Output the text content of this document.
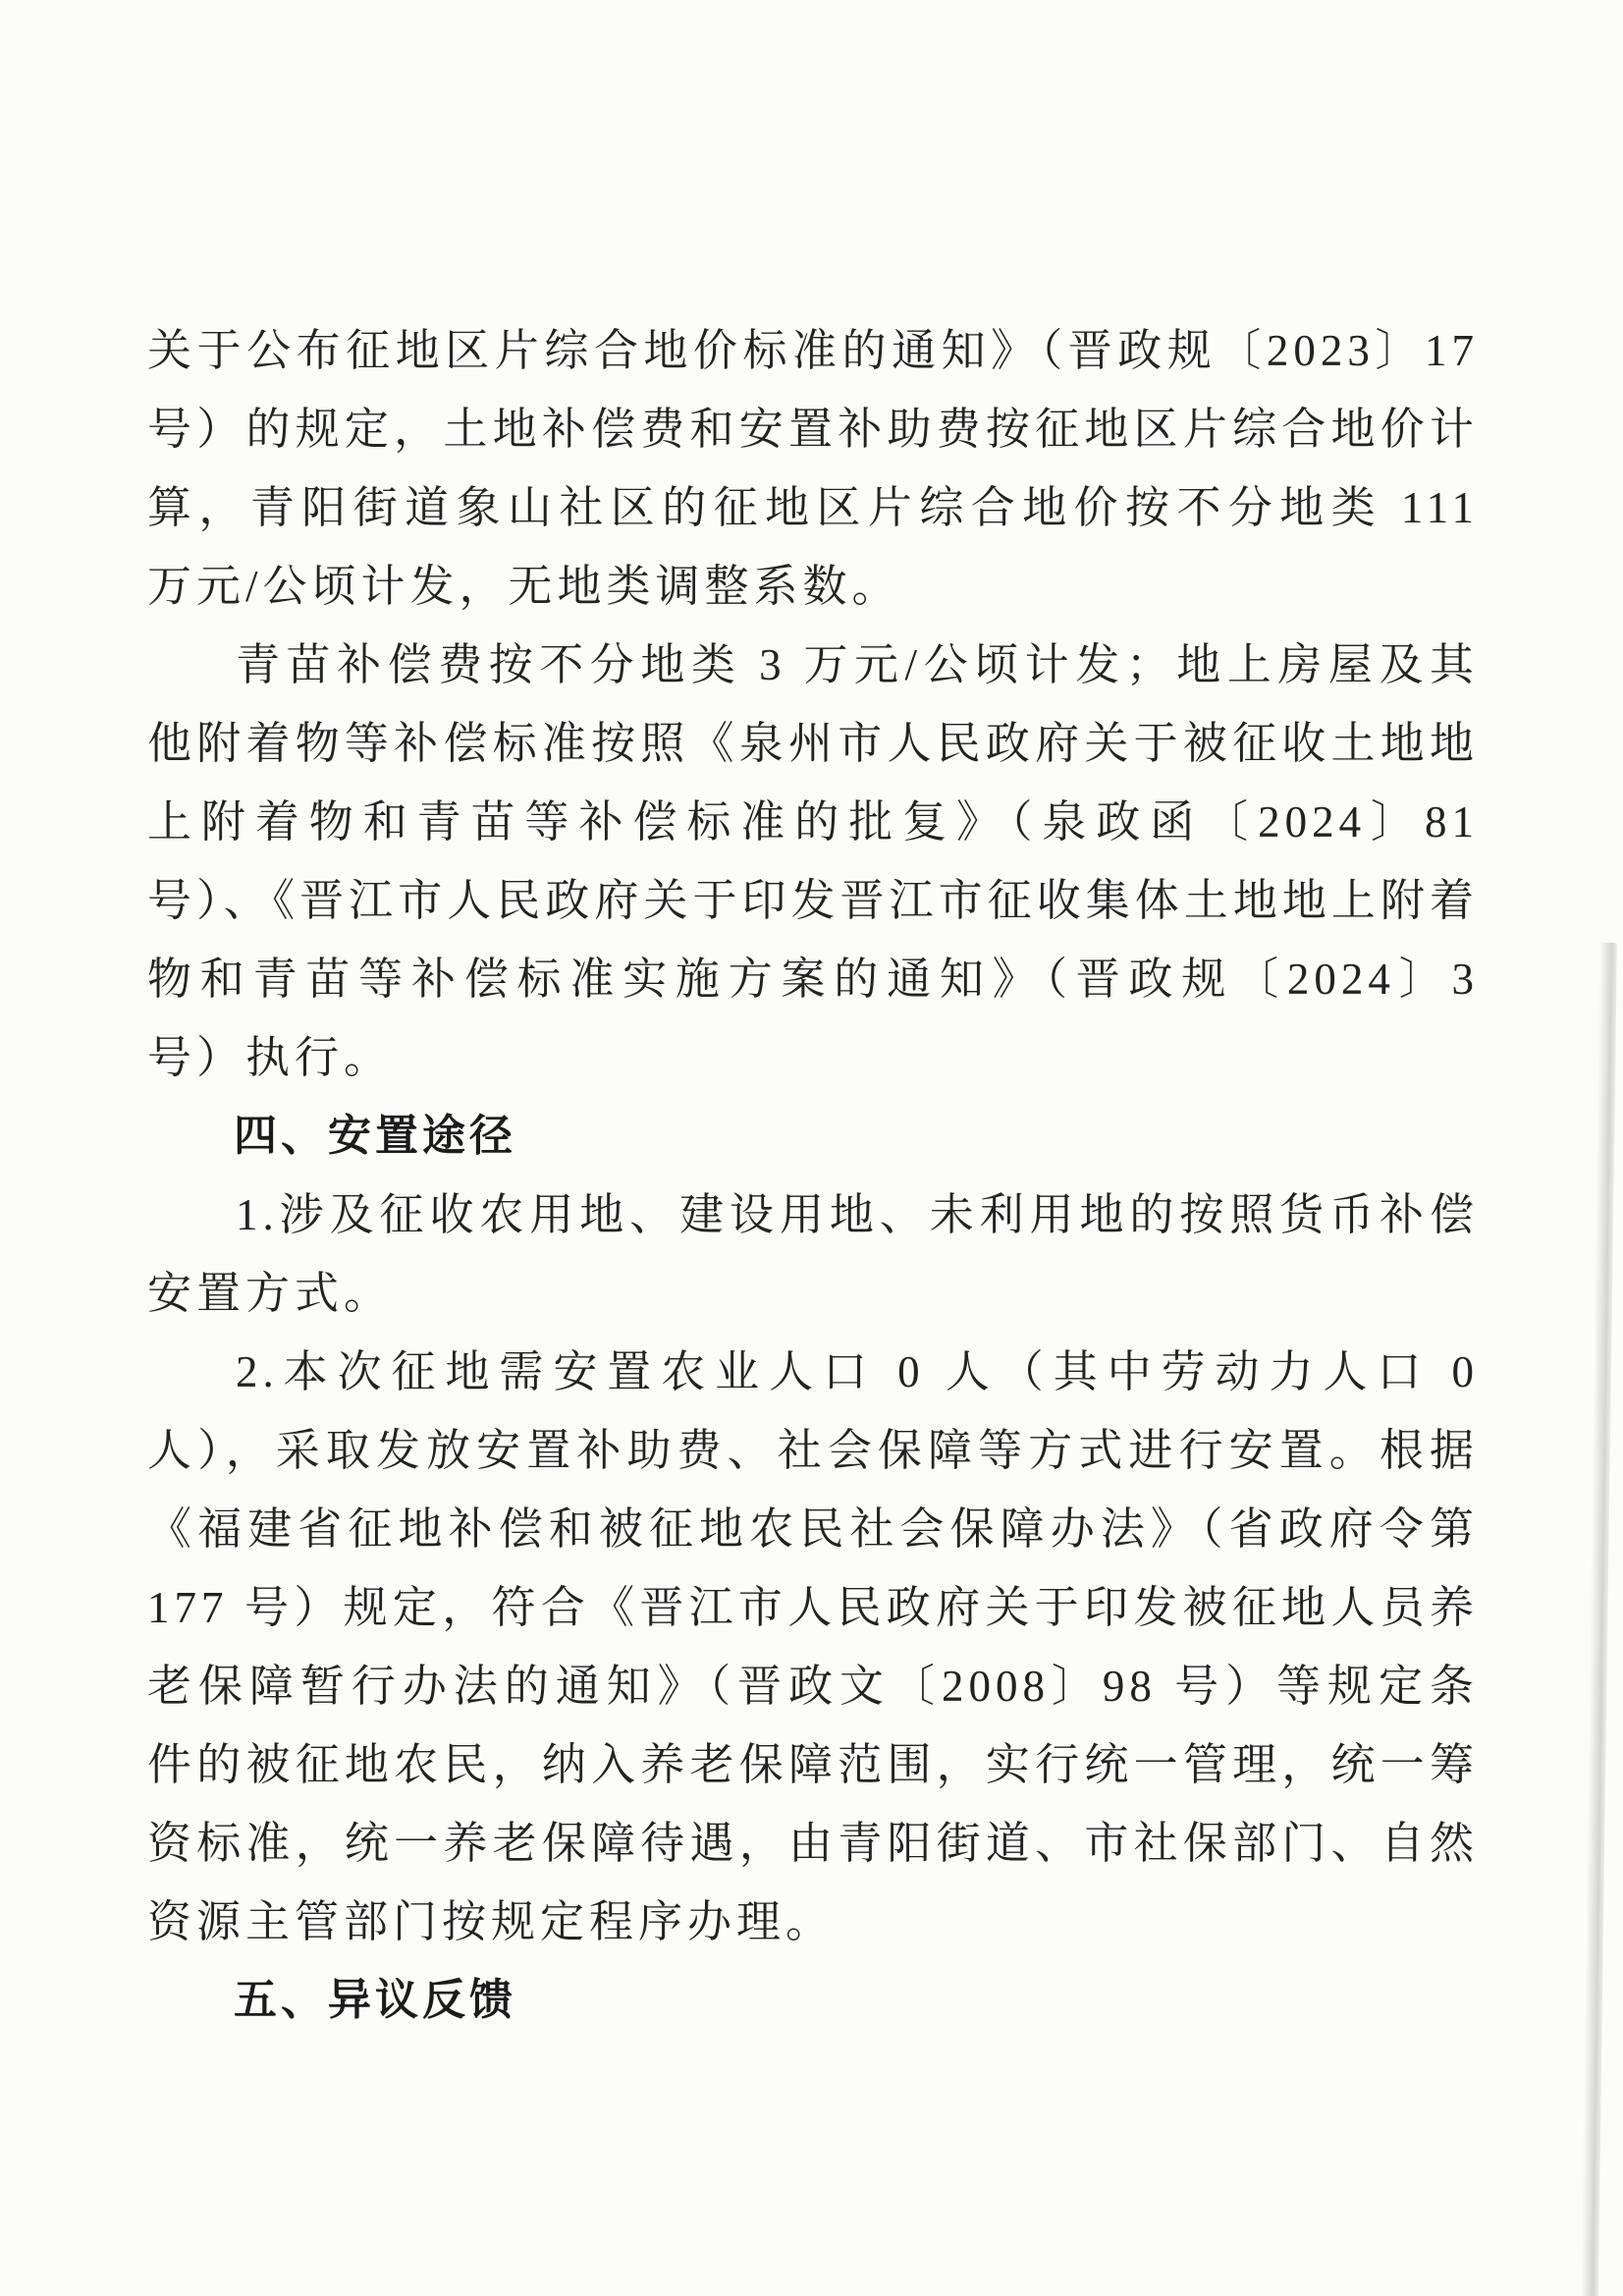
关于公布征地区片综合地价标准的通知》（晋政规〔2023〕17 号）的规定，土地补偿费和安置补助费按征地区片综合地价计算，青阳街道象山社区的征地区片综合地价按不分地类 111 万元/公顷计发，无地类调整系数。

青苗补偿费按不分地类 3 万元/公顷计发；地上房屋及其他附着物等补偿标准按照《泉州市人民政府关于被征收土地地上附着物和青苗等补偿标准的批复》（泉政函〔2024〕81 号）、《晋江市人民政府关于印发晋江市征收集体土地地上附着物和青苗等补偿标准实施方案的通知》（晋政规〔2024〕3 号）执行。

四、安置途径

1.涉及征收农用地、建设用地、未利用地的按照货币补偿安置方式。

2.本次征地需安置农业人口 0 人（其中劳动力人口 0 人），采取发放安置补助费、社会保障等方式进行安置。根据《福建省征地补偿和被征地农民社会保障办法》（省政府令第 177 号）规定，符合《晋江市人民政府关于印发被征地人员养老保障暂行办法的通知》（晋政文〔2008〕98 号）等规定条件的被征地农民，纳入养老保障范围，实行统一管理，统一筹资标准，统一养老保障待遇，由青阳街道、市社保部门、自然资源主管部门按规定程序办理。

五、异议反馈
